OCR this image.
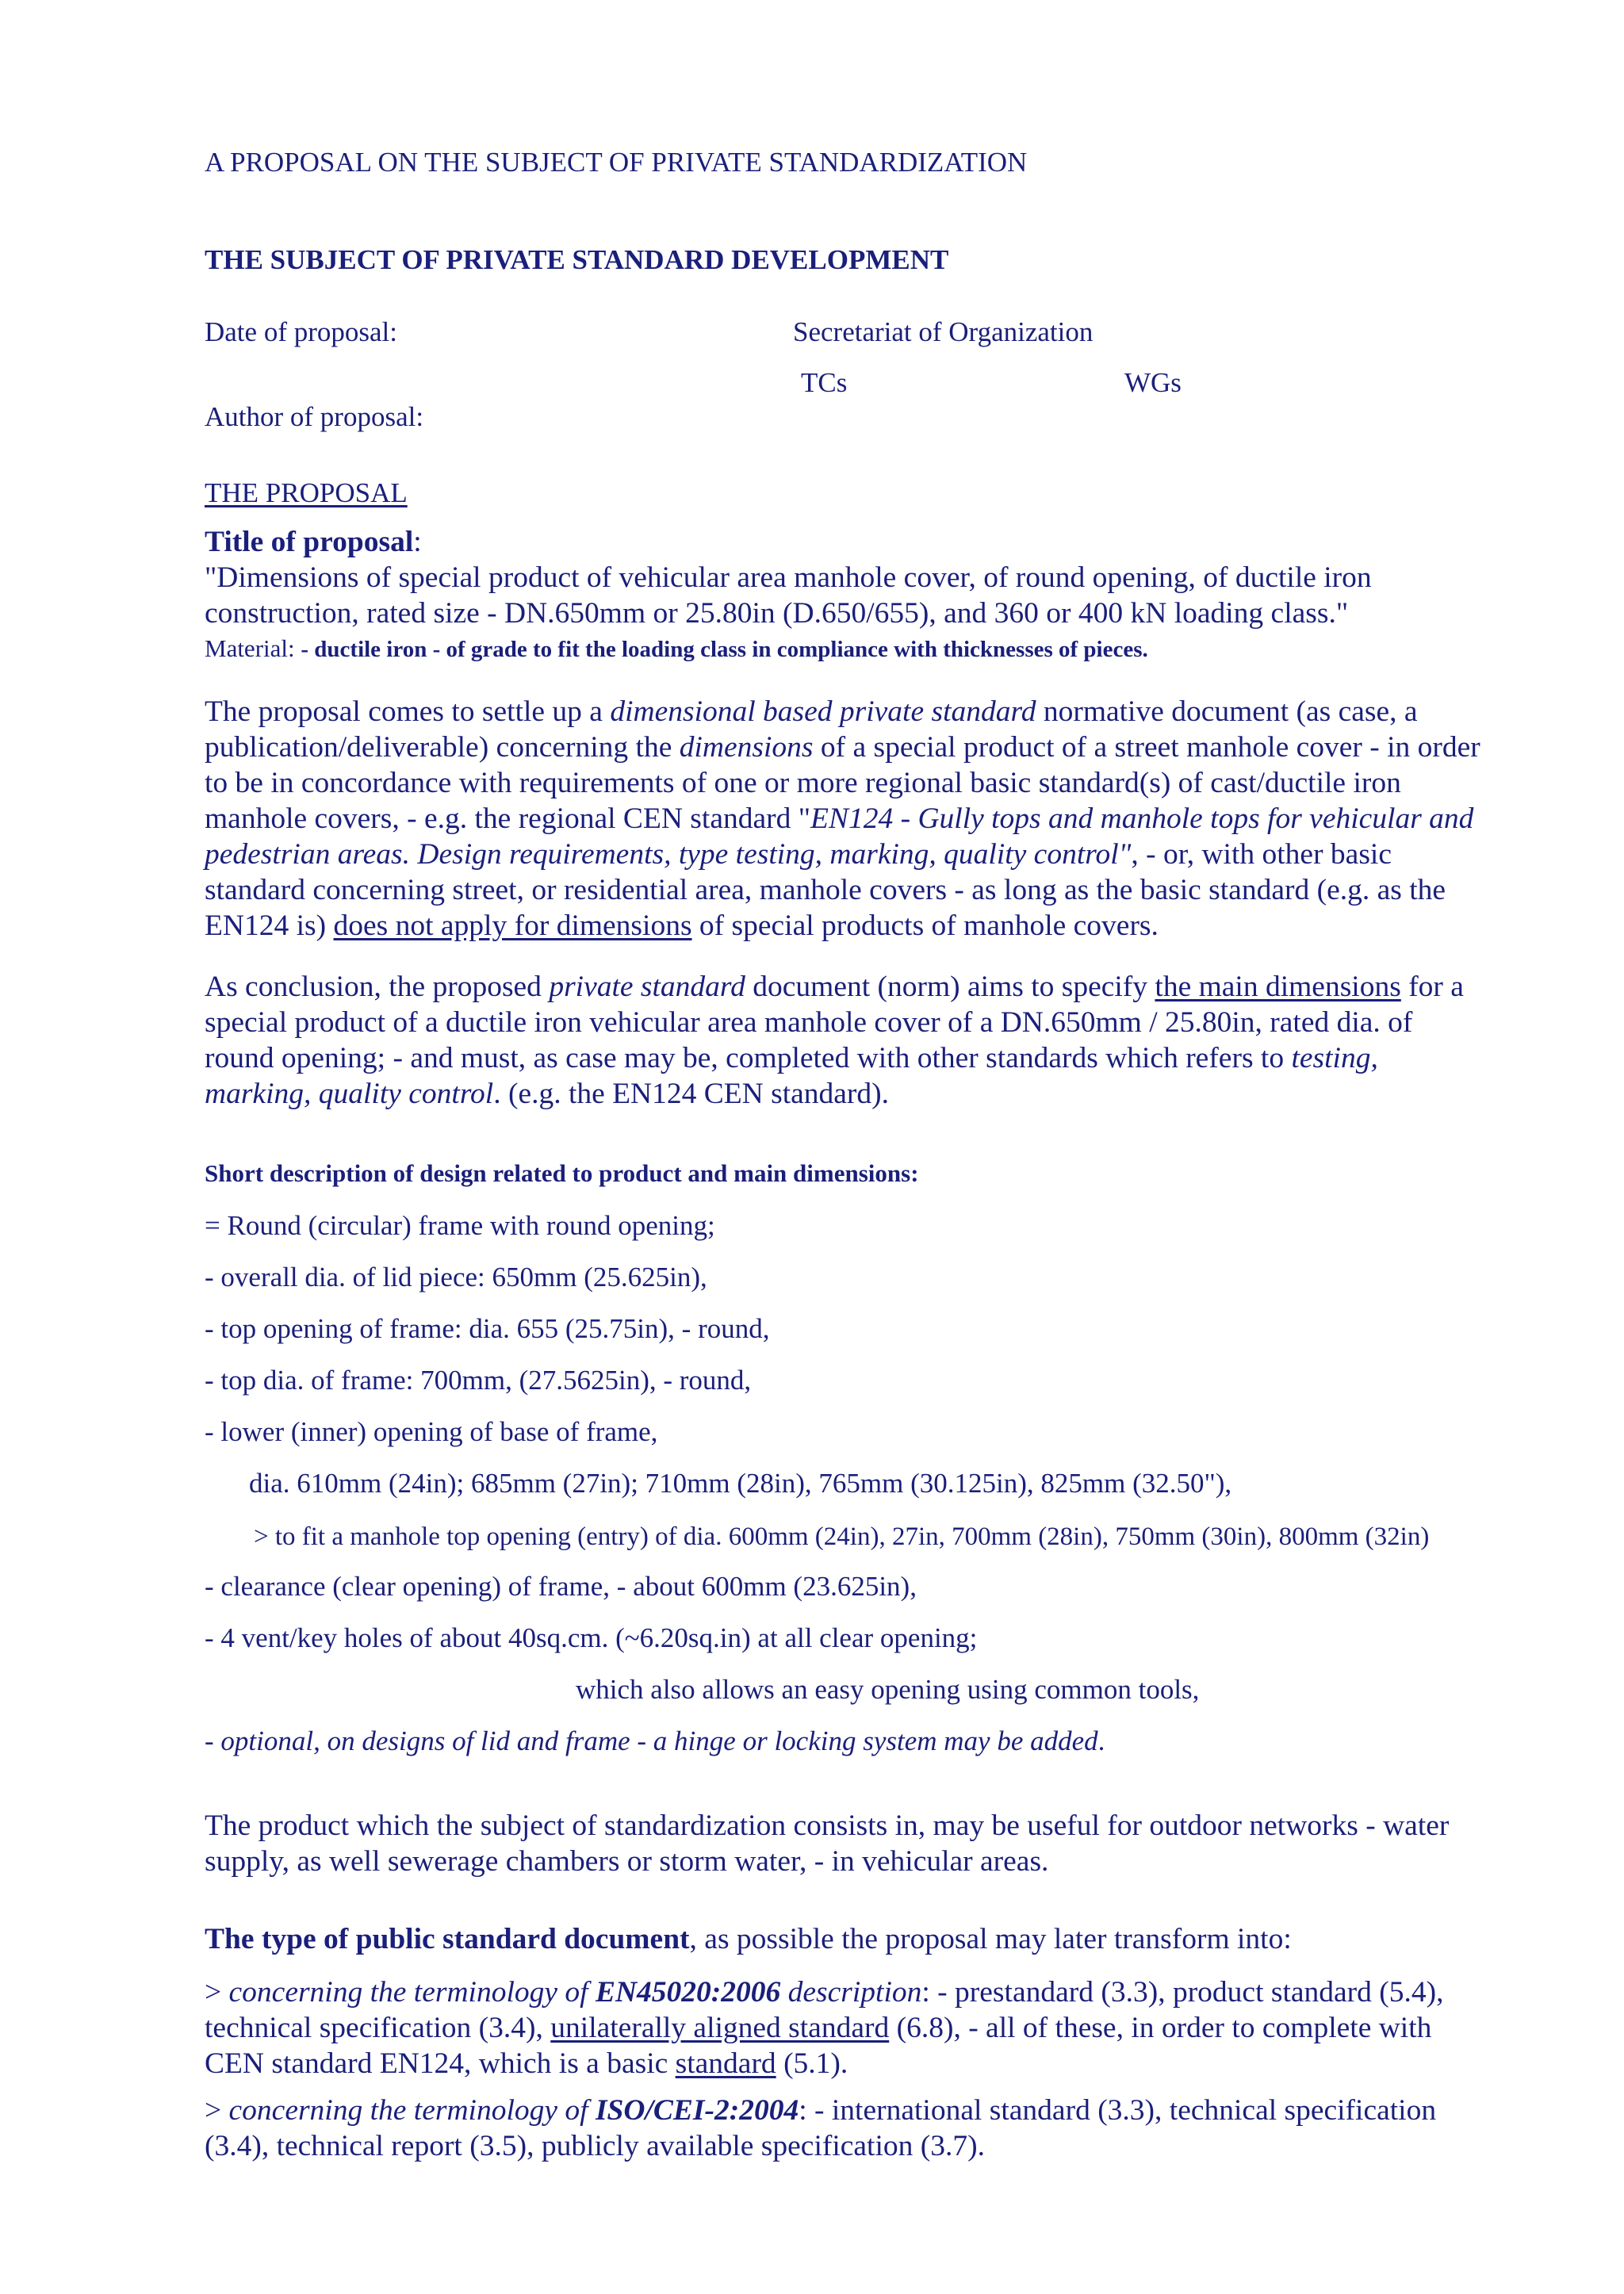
A PROPOSAL ON THE SUBJECT OF PRIVATE STANDARDIZATION
THE SUBJECT OF PRIVATE STANDARD DEVELOPMENT
Date of proposal:	Secretariat of Organization
TCs	WGs
Author of proposal:
THE PROPOSAL
Title of proposal:
"Dimensions of special product of vehicular area manhole cover, of round opening, of ductile iron
construction, rated size - DN.650mm or 25.80in (D.650/655), and 360 or 400 kN loading class."
Material: - ductile iron - of grade to fit the loading class in compliance with thicknesses of pieces.
The proposal comes to settle up a dimensional based private standard normative document (as case, a
publication/deliverable) concerning the dimensions of a special product of a street manhole cover - in order
to be in concordance with requirements of one or more regional basic standard(s) of cast/ductile iron
manhole covers, - e.g. the regional CEN standard "EN124 - Gully tops and manhole tops for vehicular and
pedestrian areas. Design requirements, type testing, marking, quality control", - or, with other basic
standard concerning street, or residential area, manhole covers - as long as the basic standard (e.g. as the
EN124 is) does not apply for dimensions of special products of manhole covers.
As conclusion, the proposed private standard document (norm) aims to specify the main dimensions for a
special product of a ductile iron vehicular area manhole cover of a DN.650mm / 25.80in, rated dia. of
round opening; - and must, as case may be, completed with other standards which refers to testing,
marking, quality control. (e.g. the EN124 CEN standard).
Short description of design related to product and main dimensions:
= Round (circular) frame with round opening;
- overall dia. of lid piece: 650mm (25.625in),
- top opening of frame: dia. 655 (25.75in), - round,
- top dia. of frame: 700mm, (27.5625in), - round,
- lower (inner) opening of base of frame,
dia. 610mm (24in); 685mm (27in); 710mm (28in), 765mm (30.125in), 825mm (32.50"),
> to fit a manhole top opening (entry) of dia. 600mm (24in), 27in, 700mm (28in), 750mm (30in), 800mm (32in)
- clearance (clear opening) of frame, - about 600mm (23.625in),
- 4 vent/key holes of about 40sq.cm. (~6.20sq.in) at all clear opening;
which also allows an easy opening using common tools,
- optional, on designs of lid and frame - a hinge or locking system may be added.
The product which the subject of standardization consists in, may be useful for outdoor networks - water
supply, as well sewerage chambers or storm water, - in vehicular areas.
The type of public standard document, as possible the proposal may later transform into:
> concerning the terminology of EN45020:2006 description: - prestandard (3.3), product standard (5.4),
technical specification (3.4), unilaterally aligned standard (6.8), - all of these, in order to complete with
CEN standard EN124, which is a basic standard (5.1).
> concerning the terminology of ISO/CEI-2:2004: - international standard (3.3), technical specification
(3.4), technical report (3.5), publicly available specification (3.7).
